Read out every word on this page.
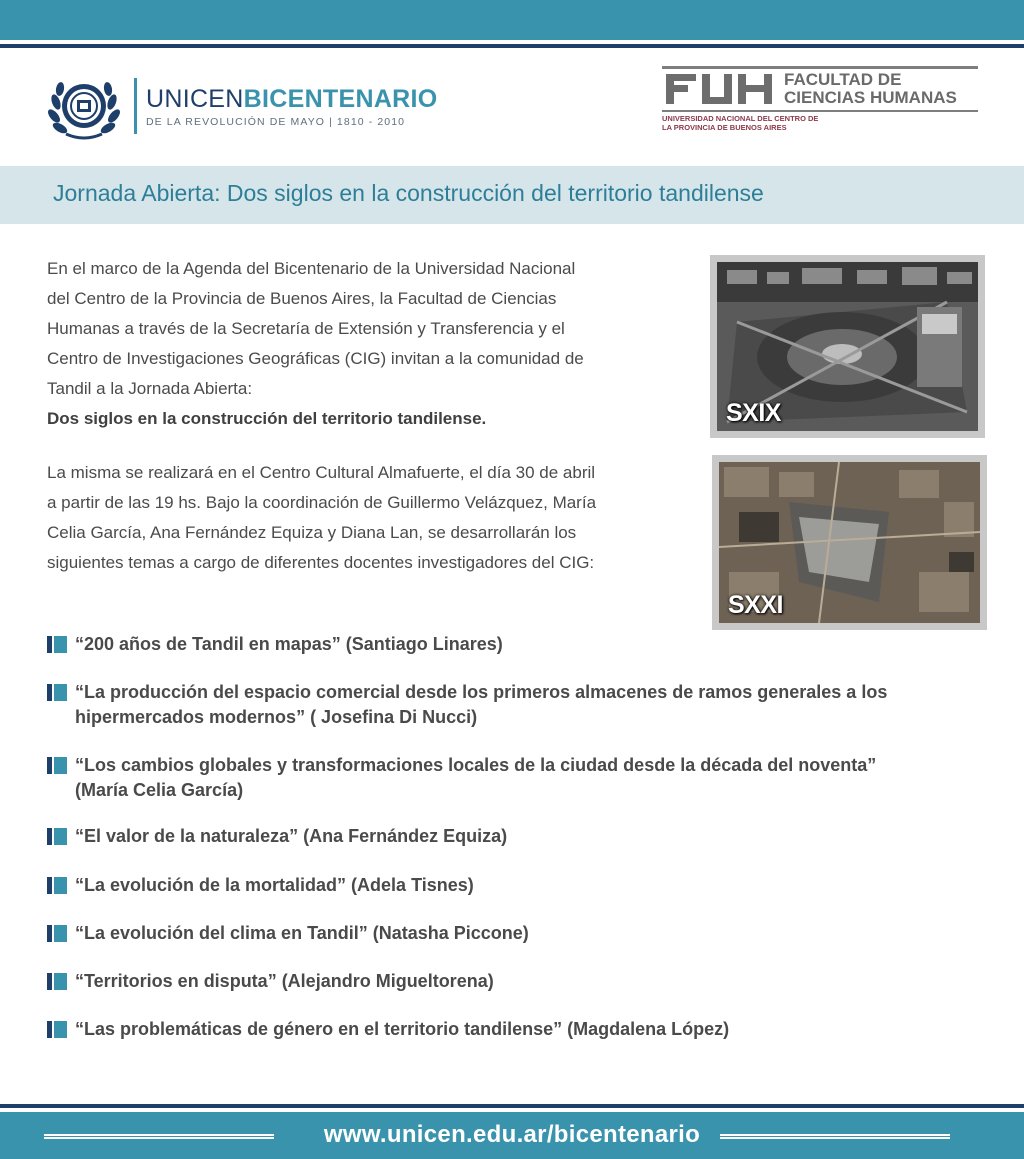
UNICENBICENTENARIO
DE LA REVOLUCIÓN DE MAYO | 1810 - 2010
FACULTAD DE
CIENCIAS HUMANAS
UNIVERSIDAD NACIONAL DEL CENTRO DE
LA PROVINCIA DE BUENOS AIRES
Jornada Abierta: Dos siglos en la construcción del territorio tandilense

En el marco de la Agenda del Bicentenario de la Universidad Nacional

del Centro de la Provincia de Buenos Aires, la Facultad de Ciencias

Humanas a través de la Secretaría de Extensión y Transferencia y el

Centro de Investigaciones Geográficas (CIG) invitan a la comunidad de

Tandil a la Jornada Abierta:

Dos siglos en la construcción del territorio tandilense.

La misma se realizará en el Centro Cultural Almafuerte, el día 30 de abril

a partir de las 19 hs. Bajo la coordinación de Guillermo Velázquez, María

Celia García, Ana Fernández Equiza y Diana Lan, se desarrollarán los

siguientes temas a cargo de diferentes docentes investigadores del CIG:

SXIX
SXXI
“200 años de Tandil en mapas” (Santiago Linares)
“La producción del espacio comercial desde los primeros almacenes de ramos generales a los
hipermercados modernos” ( Josefina Di Nucci)
“Los cambios globales y transformaciones locales de la ciudad desde la década del noventa”
(María Celia García)
“El valor de la naturaleza” (Ana Fernández Equiza)
“La evolución de la mortalidad” (Adela Tisnes)
“La evolución del clima en Tandil” (Natasha Piccone)
“Territorios en disputa” (Alejandro Migueltorena)
“Las problemáticas de género en el territorio tandilense” (Magdalena López)
www.unicen.edu.ar/bicentenario
